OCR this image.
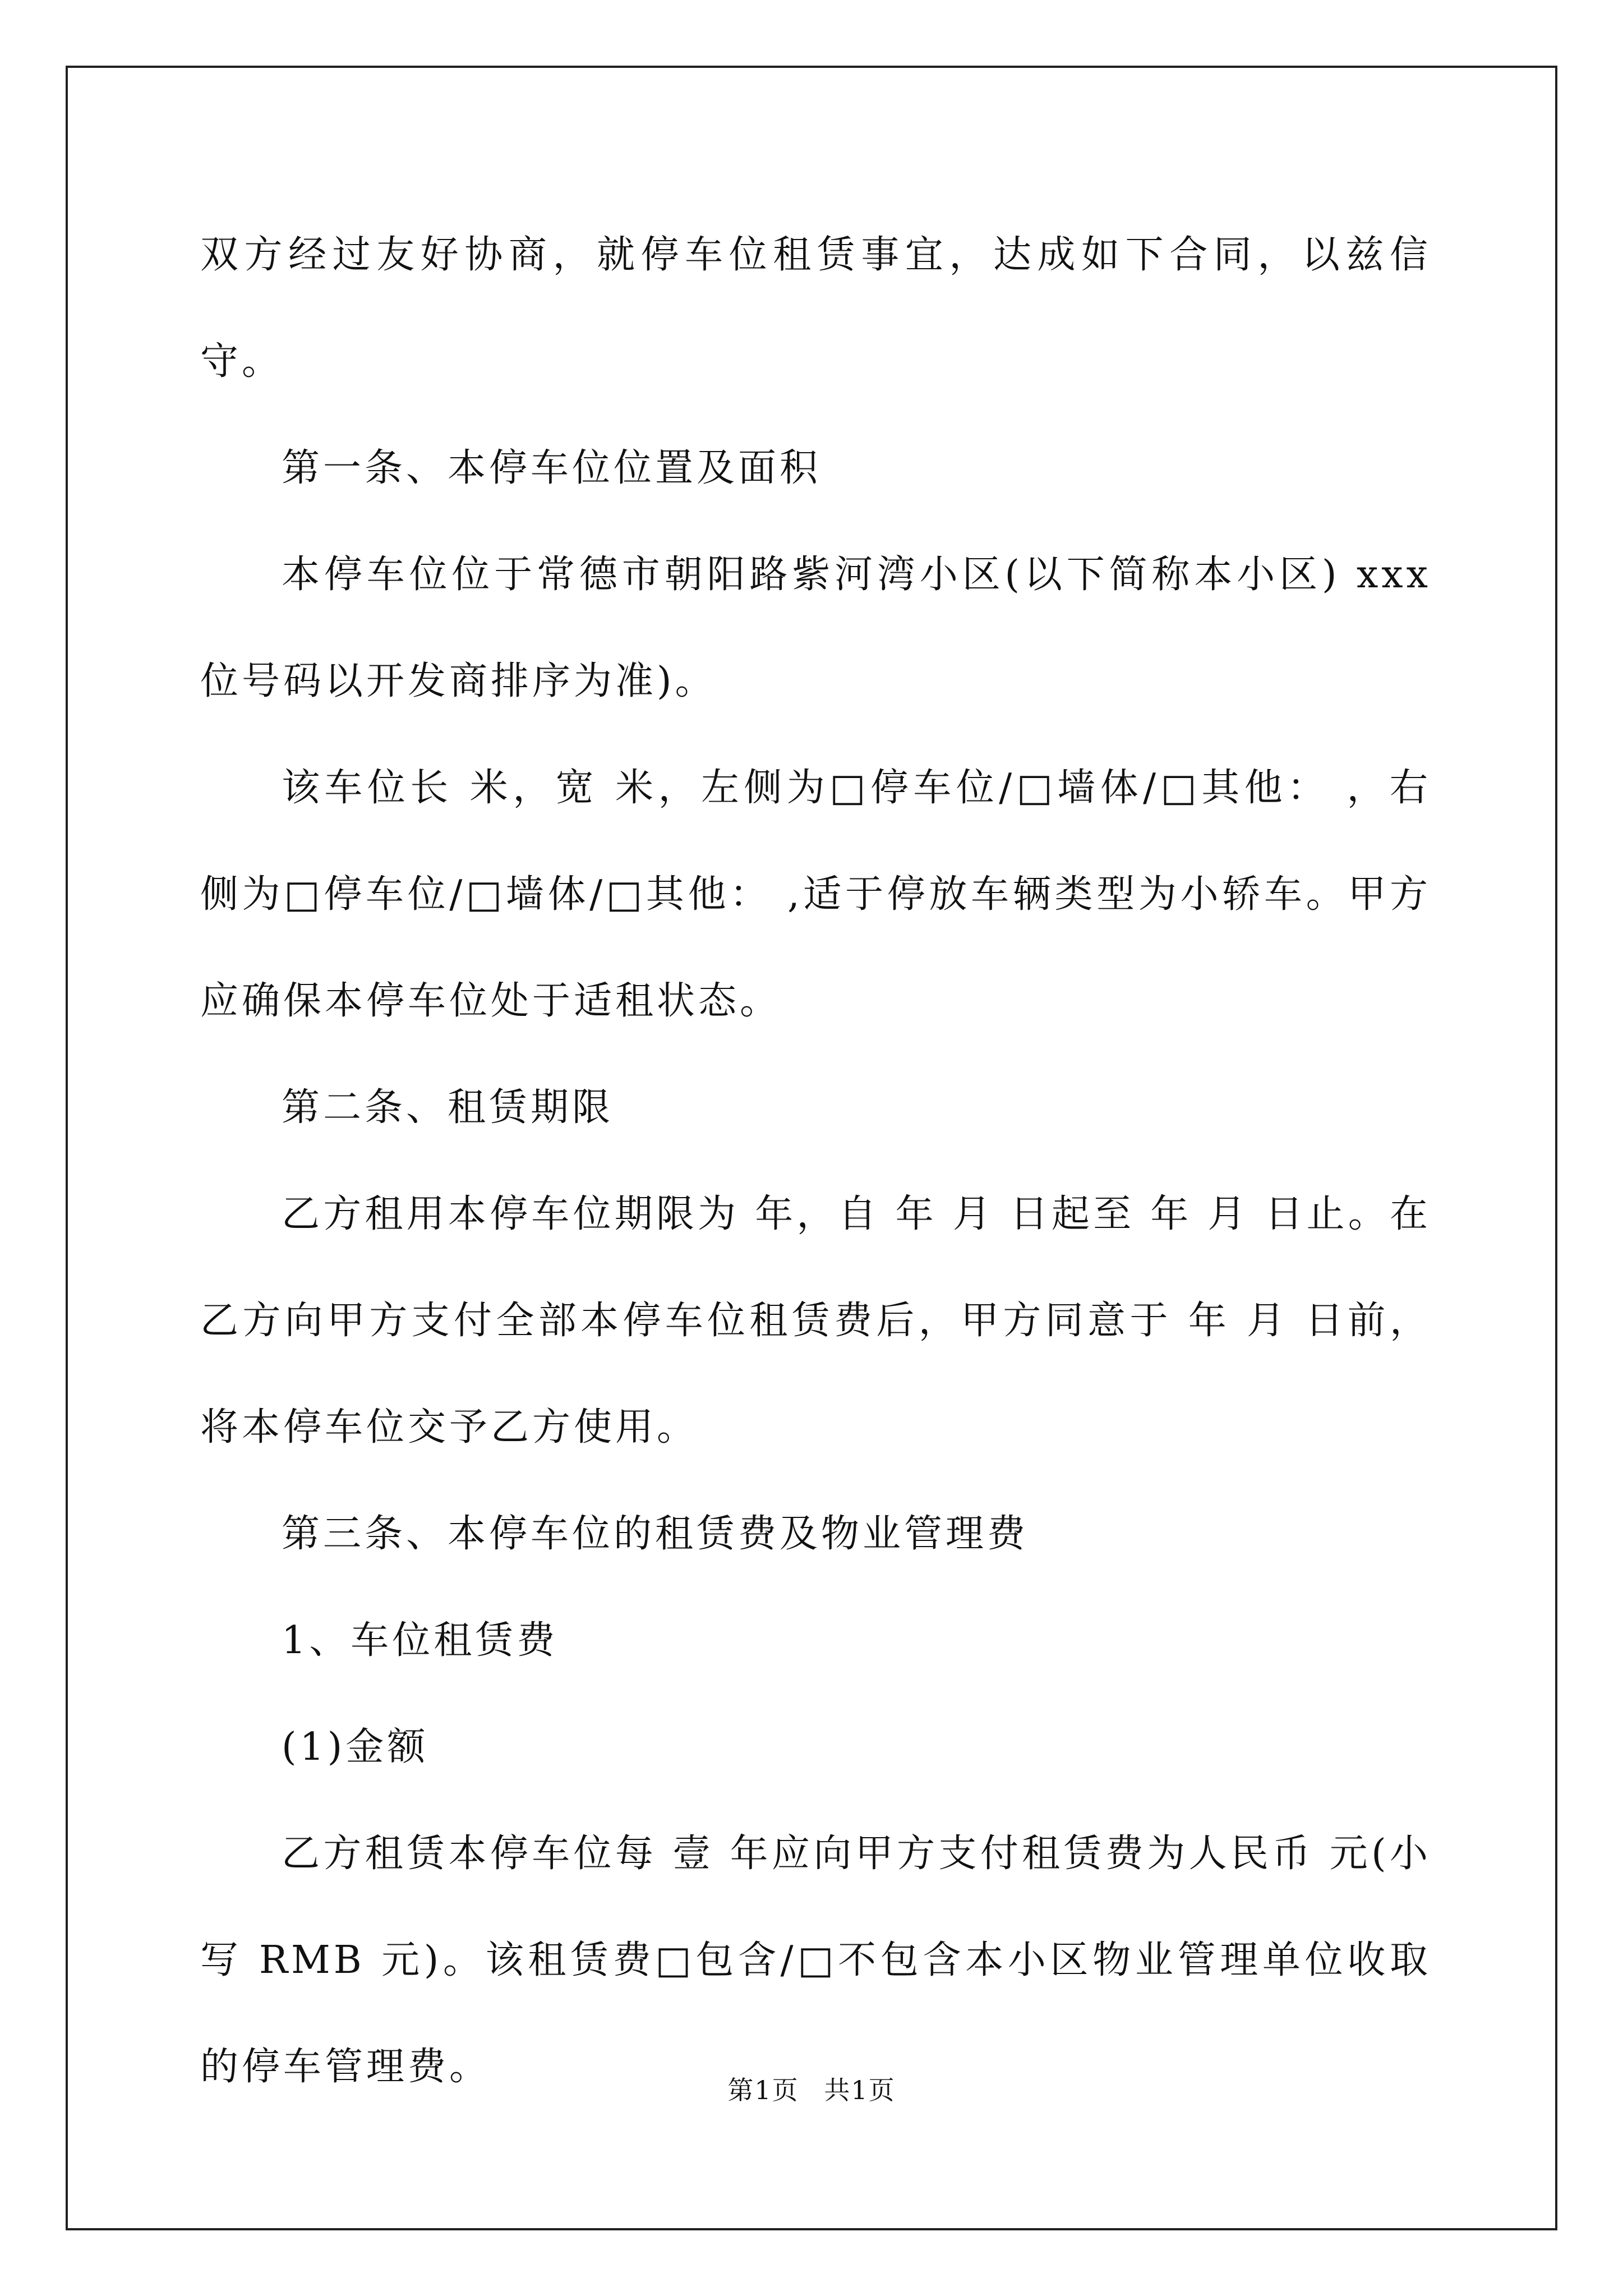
双方经过友好协商，就停车位租赁事宜，达成如下合同，以兹信守。

第一条、本停车位位置及面积

本停车位位于常德市朝阳路紫河湾小区(以下简称本小区) xxx 位号码以开发商排序为准)。

该车位长 米，宽 米，左侧为□停车位/□墙体/□其他： ，右侧为□停车位/□墙体/□其他： ,适于停放车辆类型为小轿车。甲方应确保本停车位处于适租状态。

第二条、租赁期限

乙方租用本停车位期限为 年，自 年 月 日起至 年 月 日止。在乙方向甲方支付全部本停车位租赁费后，甲方同意于 年 月 日前，将本停车位交予乙方使用。

第三条、本停车位的租赁费及物业管理费

1、车位租赁费

(1)金额

乙方租赁本停车位每 壹 年应向甲方支付租赁费为人民币 元(小写 RMB 元)。该租赁费□包含/□不包含本小区物业管理单位收取的停车管理费。

第1页 共1页
